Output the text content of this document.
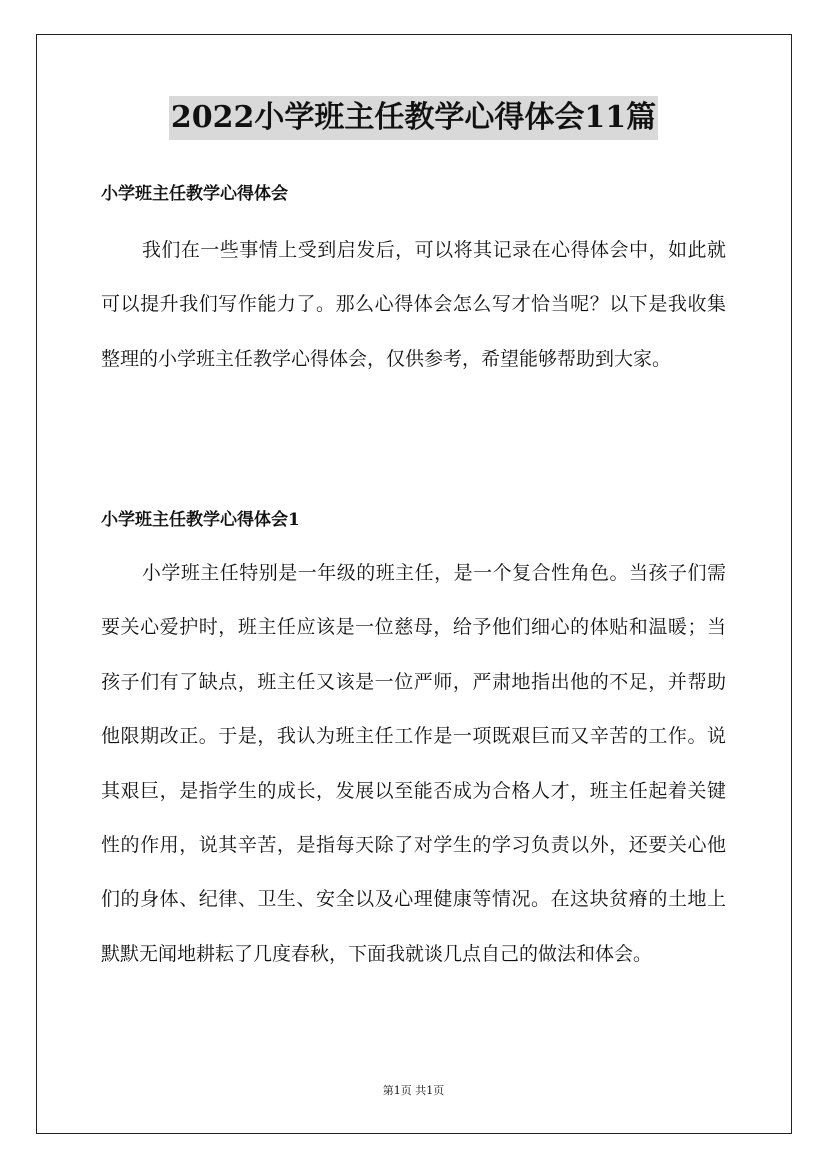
2022小学班主任教学心得体会11篇
小学班主任教学心得体会

我们在一些事情上受到启发后，可以将其记录在心得体会中，如此就可以提升我们写作能力了。那么心得体会怎么写才恰当呢？以下是我收集整理的小学班主任教学心得体会，仅供参考，希望能够帮助到大家。

小学班主任教学心得体会1

小学班主任特别是一年级的班主任，是一个复合性角色。当孩子们需要关心爱护时，班主任应该是一位慈母，给予他们细心的体贴和温暖；当孩子们有了缺点，班主任又该是一位严师，严肃地指出他的不足，并帮助他限期改正。于是，我认为班主任工作是一项既艰巨而又辛苦的工作。说其艰巨，是指学生的成长，发展以至能否成为合格人才，班主任起着关键性的作用，说其辛苦，是指每天除了对学生的学习负责以外，还要关心他们的身体、纪律、卫生、安全以及心理健康等情况。在这块贫瘠的土地上默默无闻地耕耘了几度春秋，下面我就谈几点自己的做法和体会。

第1页 共1页
